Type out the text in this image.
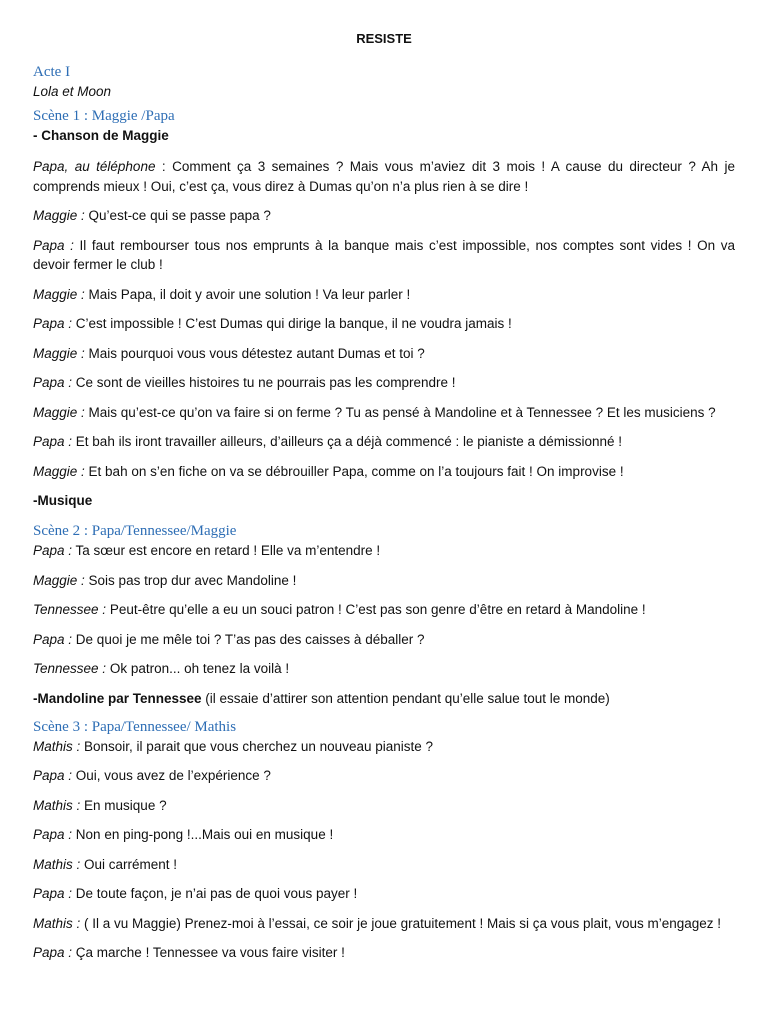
RESISTE

Acte I

Lola et Moon

Scène 1 : Maggie /Papa

- Chanson de Maggie

Papa, au téléphone : Comment ça 3 semaines ? Mais vous m’aviez dit 3 mois ! A cause du directeur ? Ah je comprends mieux ! Oui, c’est ça, vous direz à Dumas qu’on n’a plus rien à se dire !

Maggie : Qu’est-ce qui se passe papa ?

Papa : Il faut rembourser tous nos emprunts à la banque mais c’est impossible, nos comptes sont vides ! On va devoir fermer le club !

Maggie : Mais Papa, il doit y avoir une solution ! Va leur parler !

Papa : C’est impossible ! C’est Dumas qui dirige la banque, il ne voudra jamais !

Maggie : Mais pourquoi vous vous détestez autant Dumas et toi ?

Papa : Ce sont de vieilles histoires tu ne pourrais pas les comprendre !

Maggie : Mais qu’est-ce qu’on va faire si on ferme ? Tu as pensé à Mandoline et à Tennessee ? Et les musiciens ?

Papa : Et bah ils iront travailler ailleurs, d’ailleurs ça a déjà commencé : le pianiste a démissionné !

Maggie : Et bah on s’en fiche on va se débrouiller Papa, comme on l’a toujours fait ! On improvise !

-Musique

Scène 2 : Papa/Tennessee/Maggie

Papa : Ta sœur est encore en retard ! Elle va m’entendre !

Maggie : Sois pas trop dur avec Mandoline !

Tennessee : Peut-être qu’elle a eu un souci patron ! C’est pas son genre d’être en retard à Mandoline !

Papa : De quoi je me mêle toi ? T’as pas des caisses à déballer ?

Tennessee : Ok patron... oh tenez la voilà !

-Mandoline par Tennessee (il essaie d’attirer son attention pendant qu’elle salue tout le monde)

Scène 3 : Papa/Tennessee/ Mathis

Mathis : Bonsoir, il parait que vous cherchez un nouveau pianiste ?

Papa : Oui, vous avez de l’expérience ?

Mathis : En musique ?

Papa : Non en ping-pong !...Mais oui en musique !

Mathis : Oui carrément !

Papa : De toute façon, je n’ai pas de quoi vous payer !

Mathis : ( Il a vu Maggie) Prenez-moi à l’essai, ce soir je joue gratuitement ! Mais si ça vous plait, vous m’engagez !

Papa : Ça marche ! Tennessee va vous faire visiter !
